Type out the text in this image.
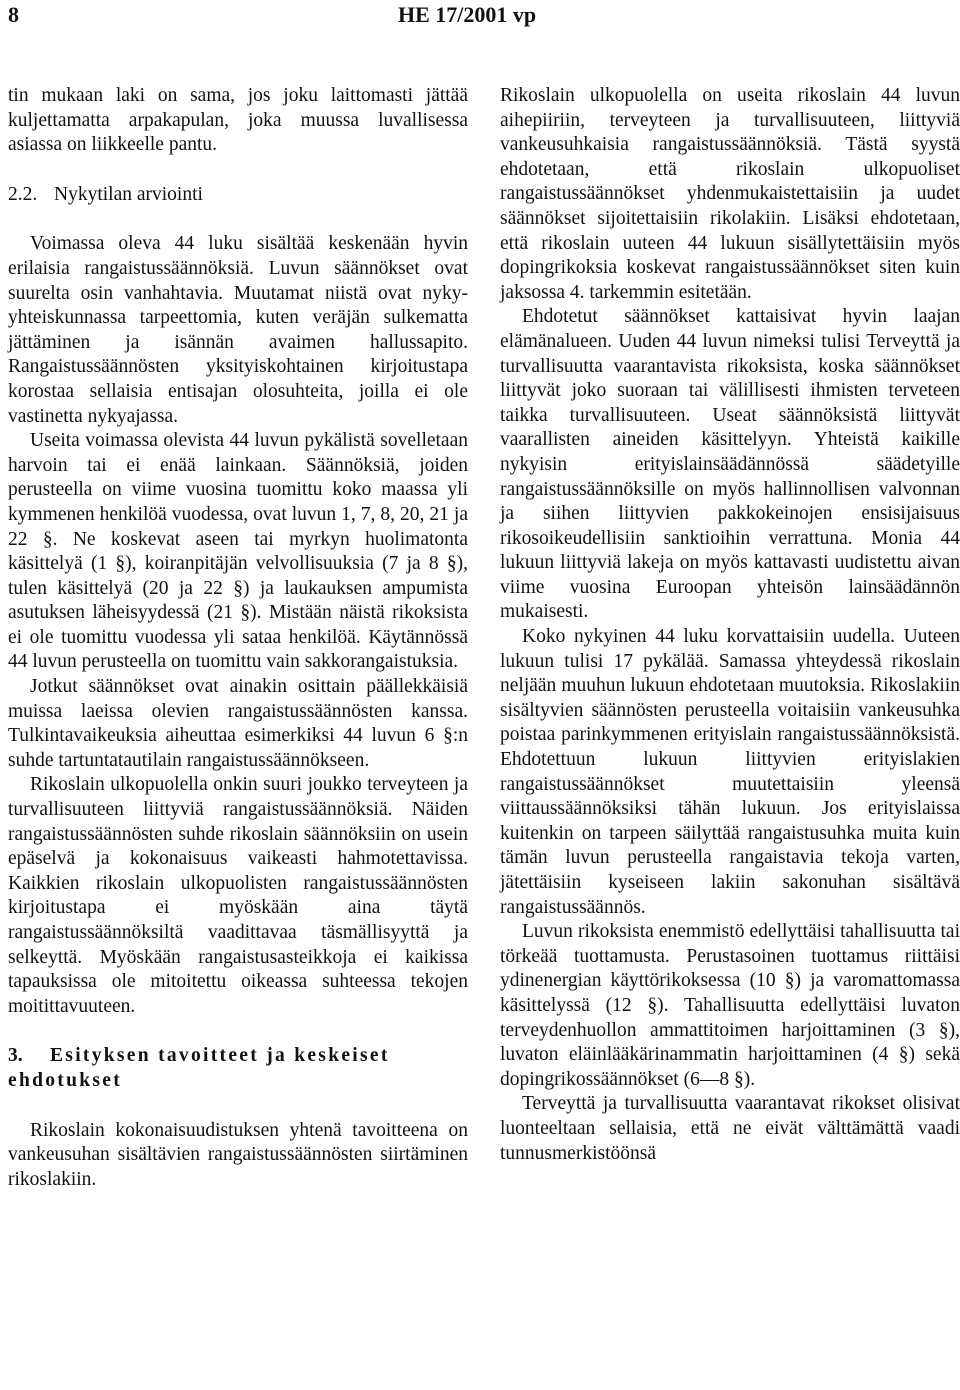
8	HE 17/2001 vp

tin mukaan laki on sama, jos joku laittomasti jättää kuljettamatta arpakapulan, joka muussa luvallisessa asiassa on liikkeelle pantu.

2.2. Nykytilan arviointi

Voimassa oleva 44 luku sisältää keskenään hyvin erilaisia rangaistussäännöksiä. Luvun säännökset ovat suurelta osin vanhahtavia. Muutamat niistä ovat nyky-yhteiskunnassa tarpeettomia, kuten veräjän sulkematta jättäminen ja isännän avaimen hallussapito. Rangaistussäännösten yksityiskohtainen kirjoitustapa korostaa sellaisia entisajan olosuhteita, joilla ei ole vastinetta nykyajassa.

Useita voimassa olevista 44 luvun pykälistä sovelletaan harvoin tai ei enää lainkaan. Säännöksiä, joiden perusteella on viime vuosina tuomittu koko maassa yli kymmenen henkilöä vuodessa, ovat luvun 1, 7, 8, 20, 21 ja 22 §. Ne koskevat aseen tai myrkyn huolimatonta käsittelyä (1 §), koiranpitäjän velvollisuuksia (7 ja 8 §), tulen käsittelyä (20 ja 22 §) ja laukauksen ampumista asutuksen läheisyydessä (21 §). Mistään näistä rikoksista ei ole tuomittu vuodessa yli sataa henkilöä. Käytännössä 44 luvun perusteella on tuomittu vain sakkorangaistuksia.

Jotkut säännökset ovat ainakin osittain päällekkäisiä muissa laeissa olevien rangaistussäännösten kanssa. Tulkintavaikeuksia aiheuttaa esimerkiksi 44 luvun 6 §:n suhde tartuntatautilain rangaistussäännökseen.

Rikoslain ulkopuolella onkin suuri joukko terveyteen ja turvallisuuteen liittyviä rangaistussäännöksiä. Näiden rangaistussäännösten suhde rikoslain säännöksiin on usein epäselvä ja kokonaisuus vaikeasti hahmotettavissa. Kaikkien rikoslain ulkopuolisten rangaistussäännösten kirjoitustapa ei myöskään aina täytä rangaistussäännöksiltä vaadittavaa täsmällisyyttä ja selkeyttä. Myöskään rangaistusasteikkoja ei kaikissa tapauksissa ole mitoitettu oikeassa suhteessa tekojen moitittavuuteen.

3. Esityksen tavoitteet ja keskeiset ehdotukset

Rikoslain kokonaisuudistuksen yhtenä tavoitteena on vankeusuhan sisältävien rangaistussäännösten siirtäminen rikoslakiin.

Rikoslain ulkopuolella on useita rikoslain 44 luvun aihepiiriin, terveyteen ja turvallisuuteen, liittyviä vankeusuhkaisia rangaistussäännöksiä. Tästä syystä ehdotetaan, että rikoslain ulkopuoliset rangaistussäännökset yhdenmukaistettaisiin ja uudet säännökset sijoitettaisiin rikolakiin. Lisäksi ehdotetaan, että rikoslain uuteen 44 lukuun sisällytettäisiin myös dopingrikoksia koskevat rangaistussäännökset siten kuin jaksossa 4. tarkemmin esitetään.

Ehdotetut säännökset kattaisivat hyvin laajan elämänalueen. Uuden 44 luvun nimeksi tulisi Terveyttä ja turvallisuutta vaarantavista rikoksista, koska säännökset liittyvät joko suoraan tai välillisesti ihmisten terveteen taikka turvallisuuteen. Useat säännöksistä liittyvät vaarallisten aineiden käsittelyyn. Yhteistä kaikille nykyisin erityislainsäädännössä säädetyille rangaistussäännöksille on myös hallinnollisen valvonnan ja siihen liittyvien pakkokeinojen ensisijaisuus rikosoikeudellisiin sanktioihin verrattuna. Monia 44 lukuun liittyviä lakeja on myös kattavasti uudistettu aivan viime vuosina Euroopan yhteisön lainsäädännön mukaisesti.

Koko nykyinen 44 luku korvattaisiin uudella. Uuteen lukuun tulisi 17 pykälää. Samassa yhteydessä rikoslain neljään muuhun lukuun ehdotetaan muutoksia. Rikoslakiin sisältyvien säännösten perusteella voitaisiin vankeusuhka poistaa parinkymmenen erityislain rangaistussäännöksistä. Ehdotettuun lukuun liittyvien erityislakien rangaistussäännökset muutettaisiin yleensä viittaussäännöksiksi tähän lukuun. Jos erityislaissa kuitenkin on tarpeen säilyttää rangaistusuhka muita kuin tämän luvun perusteella rangaistavia tekoja varten, jätettäisiin kyseiseen lakiin sakonuhan sisältävä rangaistussäännös.

Luvun rikoksista enemmistö edellyttäisi tahallisuutta tai törkeää tuottamusta. Perustasoinen tuottamus riittäisi ydinenergian käyttörikoksessa (10 §) ja varomattomassa käsittelyssä (12 §). Tahallisuutta edellyttäisi luvaton terveydenhuollon ammattitoimen harjoittaminen (3 §), luvaton eläinlääkärinammatin harjoittaminen (4 §) sekä dopingrikossäännökset (6—8 §).

Terveyttä ja turvallisuutta vaarantavat rikokset olisivat luonteeltaan sellaisia, että ne eivät välttämättä vaadi tunnusmerkistöönsä
